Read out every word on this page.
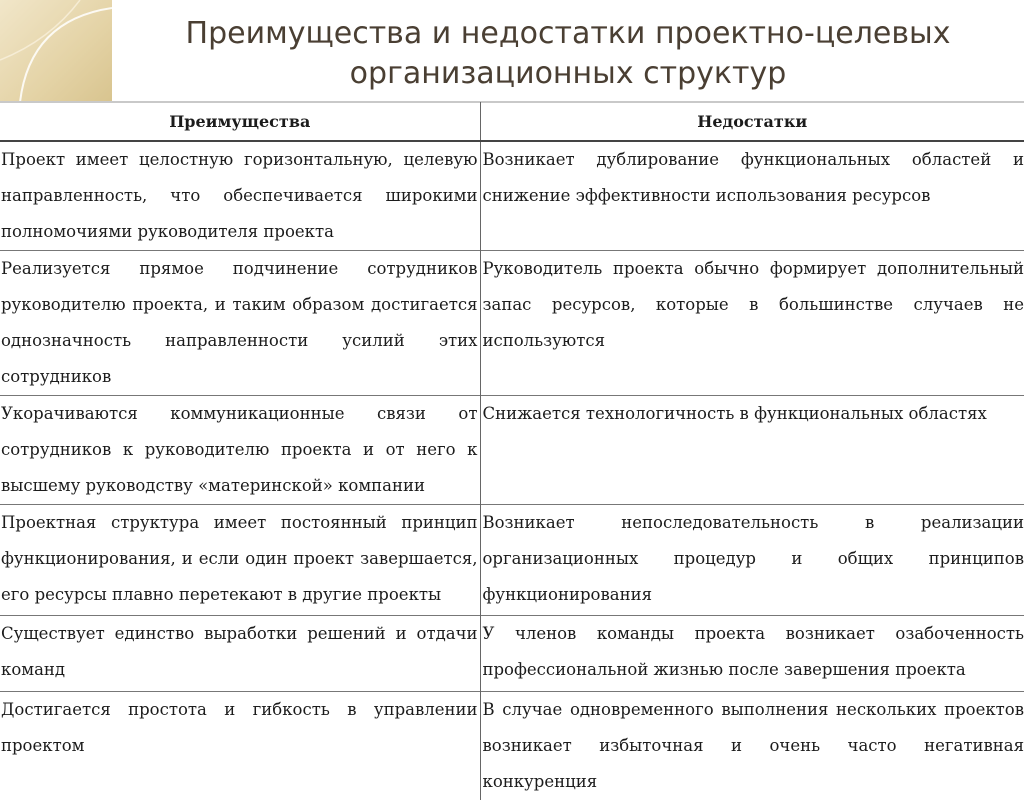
Преимущества и недостатки проектно-целевых
организационных структур
Преимущества	Недостатки
Проект имеет целостную горизонтальную, целевую направленность, что обеспечивается широкими полномочиями руководителя проекта	Возникает дублирование функциональных областей и снижение эффективности использования ресурсов
Реализуется прямое подчинение сотрудников руководителю проекта, и таким образом достигается однозначность направленности усилий этих сотрудников	Руководитель проекта обычно формирует дополнительный запас ресурсов, которые в большинстве случаев не используются
Укорачиваются коммуникационные связи от сотрудников к руководителю проекта и от него к высшему руководству «материнской» компании	Снижается технологичность в функциональных областях
Проектная структура имеет постоянный принцип функционирования, и если один проект завершается, его ресурсы плавно перетекают в другие проекты	Возникает непоследовательность в реализации организационных процедур и общих принципов функционирования
Существует единство выработки решений и отдачи команд	У членов команды проекта возникает озабоченность профессиональной жизнью после завершения проекта
Достигается простота и гибкость в управлении проектом	В случае одновременного выполнения нескольких проектов возникает избыточная и очень часто негативная конкуренция
